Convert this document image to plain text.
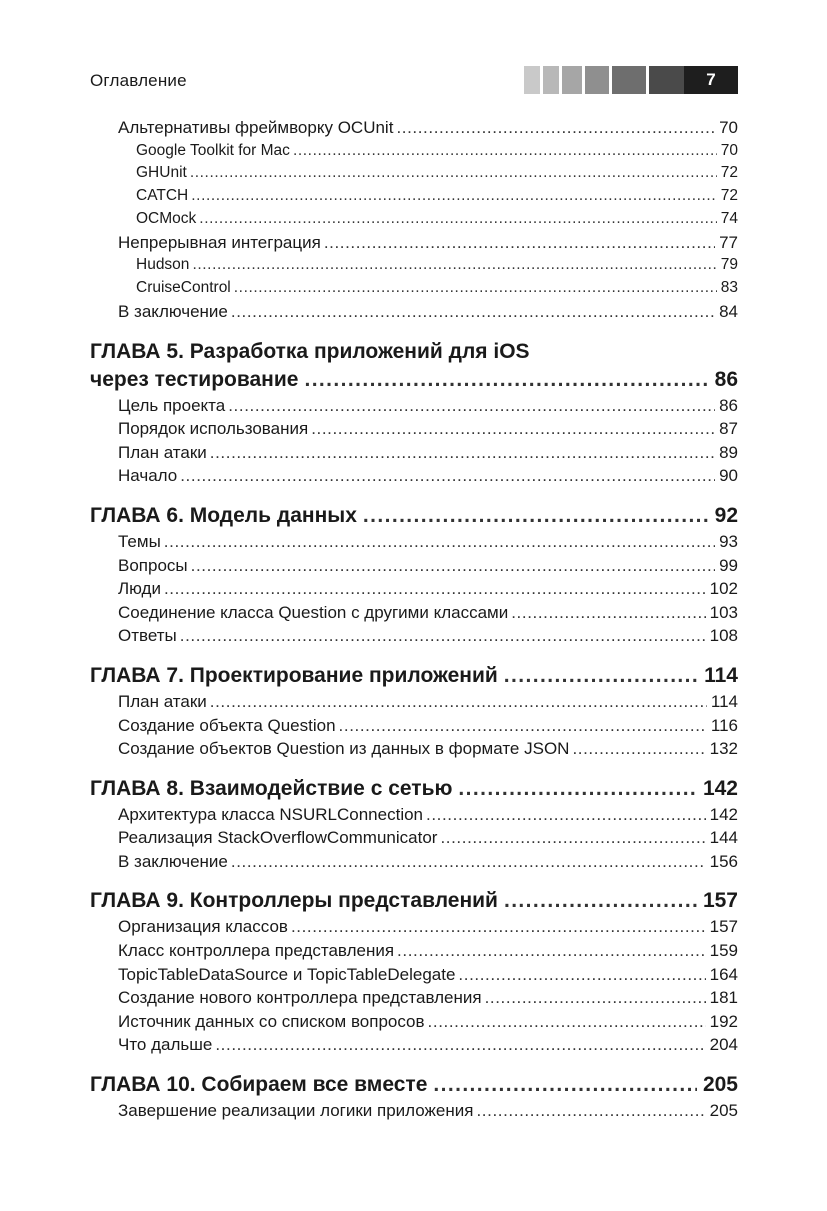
Оглавление	7
Альтернативы фреймворку OCUnit .....	70
Google Toolkit for Mac .....	70
GHUnit .....	72
CATCH .....	72
OCMock .....	74
Непрерывная интеграция .....	77
Hudson .....	79
CruiseControl .....	83
В заключение .....	84
ГЛАВА 5. Разработка приложений для iOS
через тестирование .....	86
Цель проекта .....	86
Порядок использования .....	87
План атаки .....	89
Начало .....	90
ГЛАВА 6. Модель данных .....	92
Темы .....	93
Вопросы .....	99
Люди .....	102
Соединение класса Question с другими классами .....	103
Ответы .....	108
ГЛАВА 7. Проектирование приложений .....	114
План атаки .....	114
Создание объекта Question .....	116
Создание объектов Question из данных в формате JSON .....	132
ГЛАВА 8. Взаимодействие с сетью .....	142
Архитектура класса NSURLConnection .....	142
Реализация StackOverflowCommunicator .....	144
В заключение .....	156
ГЛАВА 9. Контроллеры представлений .....	157
Организация классов .....	157
Класс контроллера представления .....	159
TopicTableDataSource и TopicTableDelegate .....	164
Создание нового контроллера представления .....	181
Источник данных со списком вопросов .....	192
Что дальше .....	204
ГЛАВА 10. Собираем все вместе .....	205
Завершение реализации логики приложения .....	205
